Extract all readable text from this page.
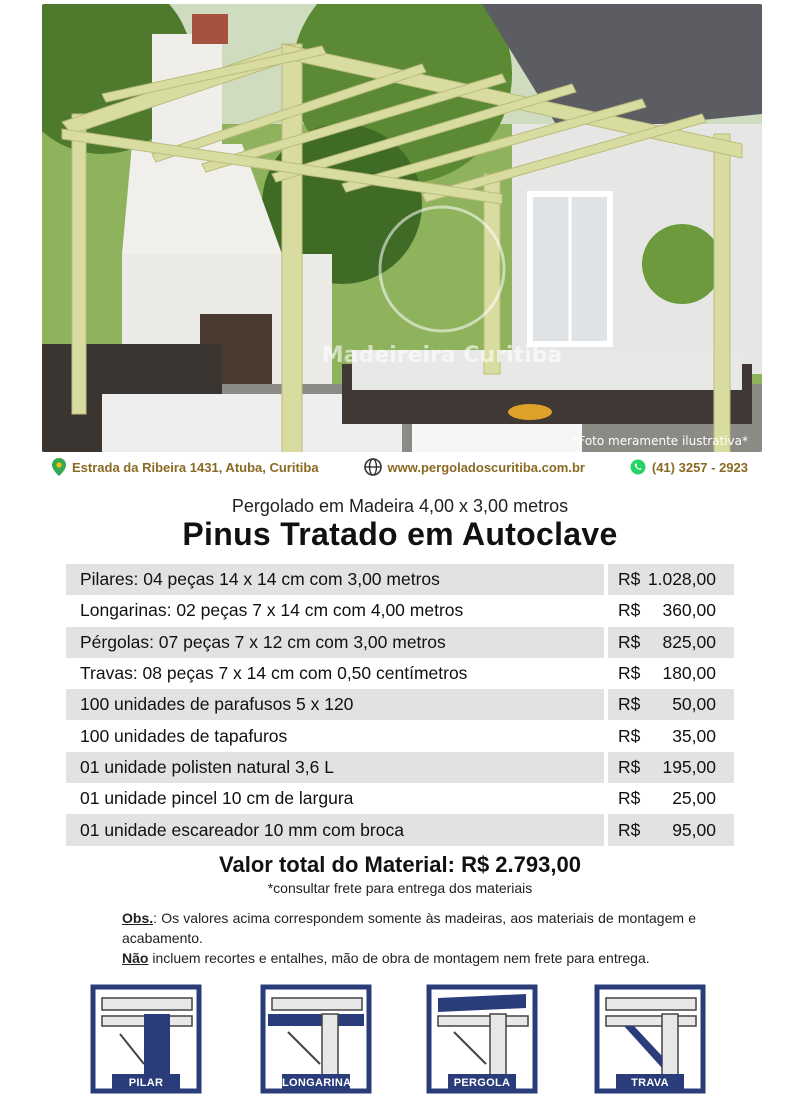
Madeireira Curitiba
*Foto meramente ilustrativa*
Estrada da Ribeira 1431, Atuba, Curitiba	www.pergoladoscuritiba.com.br	(41) 3257 - 2923
Pergolado em Madeira 4,00 x 3,00 metros
Pinus Tratado em Autoclave
Pilares: 04 peças 14 x 14 cm com 3,00 metros	R$	1.028,00
Longarinas: 02 peças 7 x 14 cm com 4,00 metros	R$	360,00
Pérgolas: 07 peças 7 x 12 cm com 3,00 metros	R$	825,00
Travas: 08 peças 7 x 14 cm com 0,50 centímetros	R$	180,00
100 unidades de parafusos 5 x 120	R$	50,00
100 unidades de tapafuros	R$	35,00
01 unidade polisten natural 3,6 L	R$	195,00
01 unidade pincel 10 cm de largura	R$	25,00
01 unidade escareador 10 mm com broca	R$	95,00
Valor total do Material: R$ 2.793,00
*consultar frete para entrega dos materiais
Obs.: Os valores acima correspondem somente às madeiras, aos materiais de montagem e acabamento.
Não incluem recortes e entalhes, mão de obra de montagem nem frete para entrega.
PILAR	LONGARINA	PERGOLA	TRAVA
